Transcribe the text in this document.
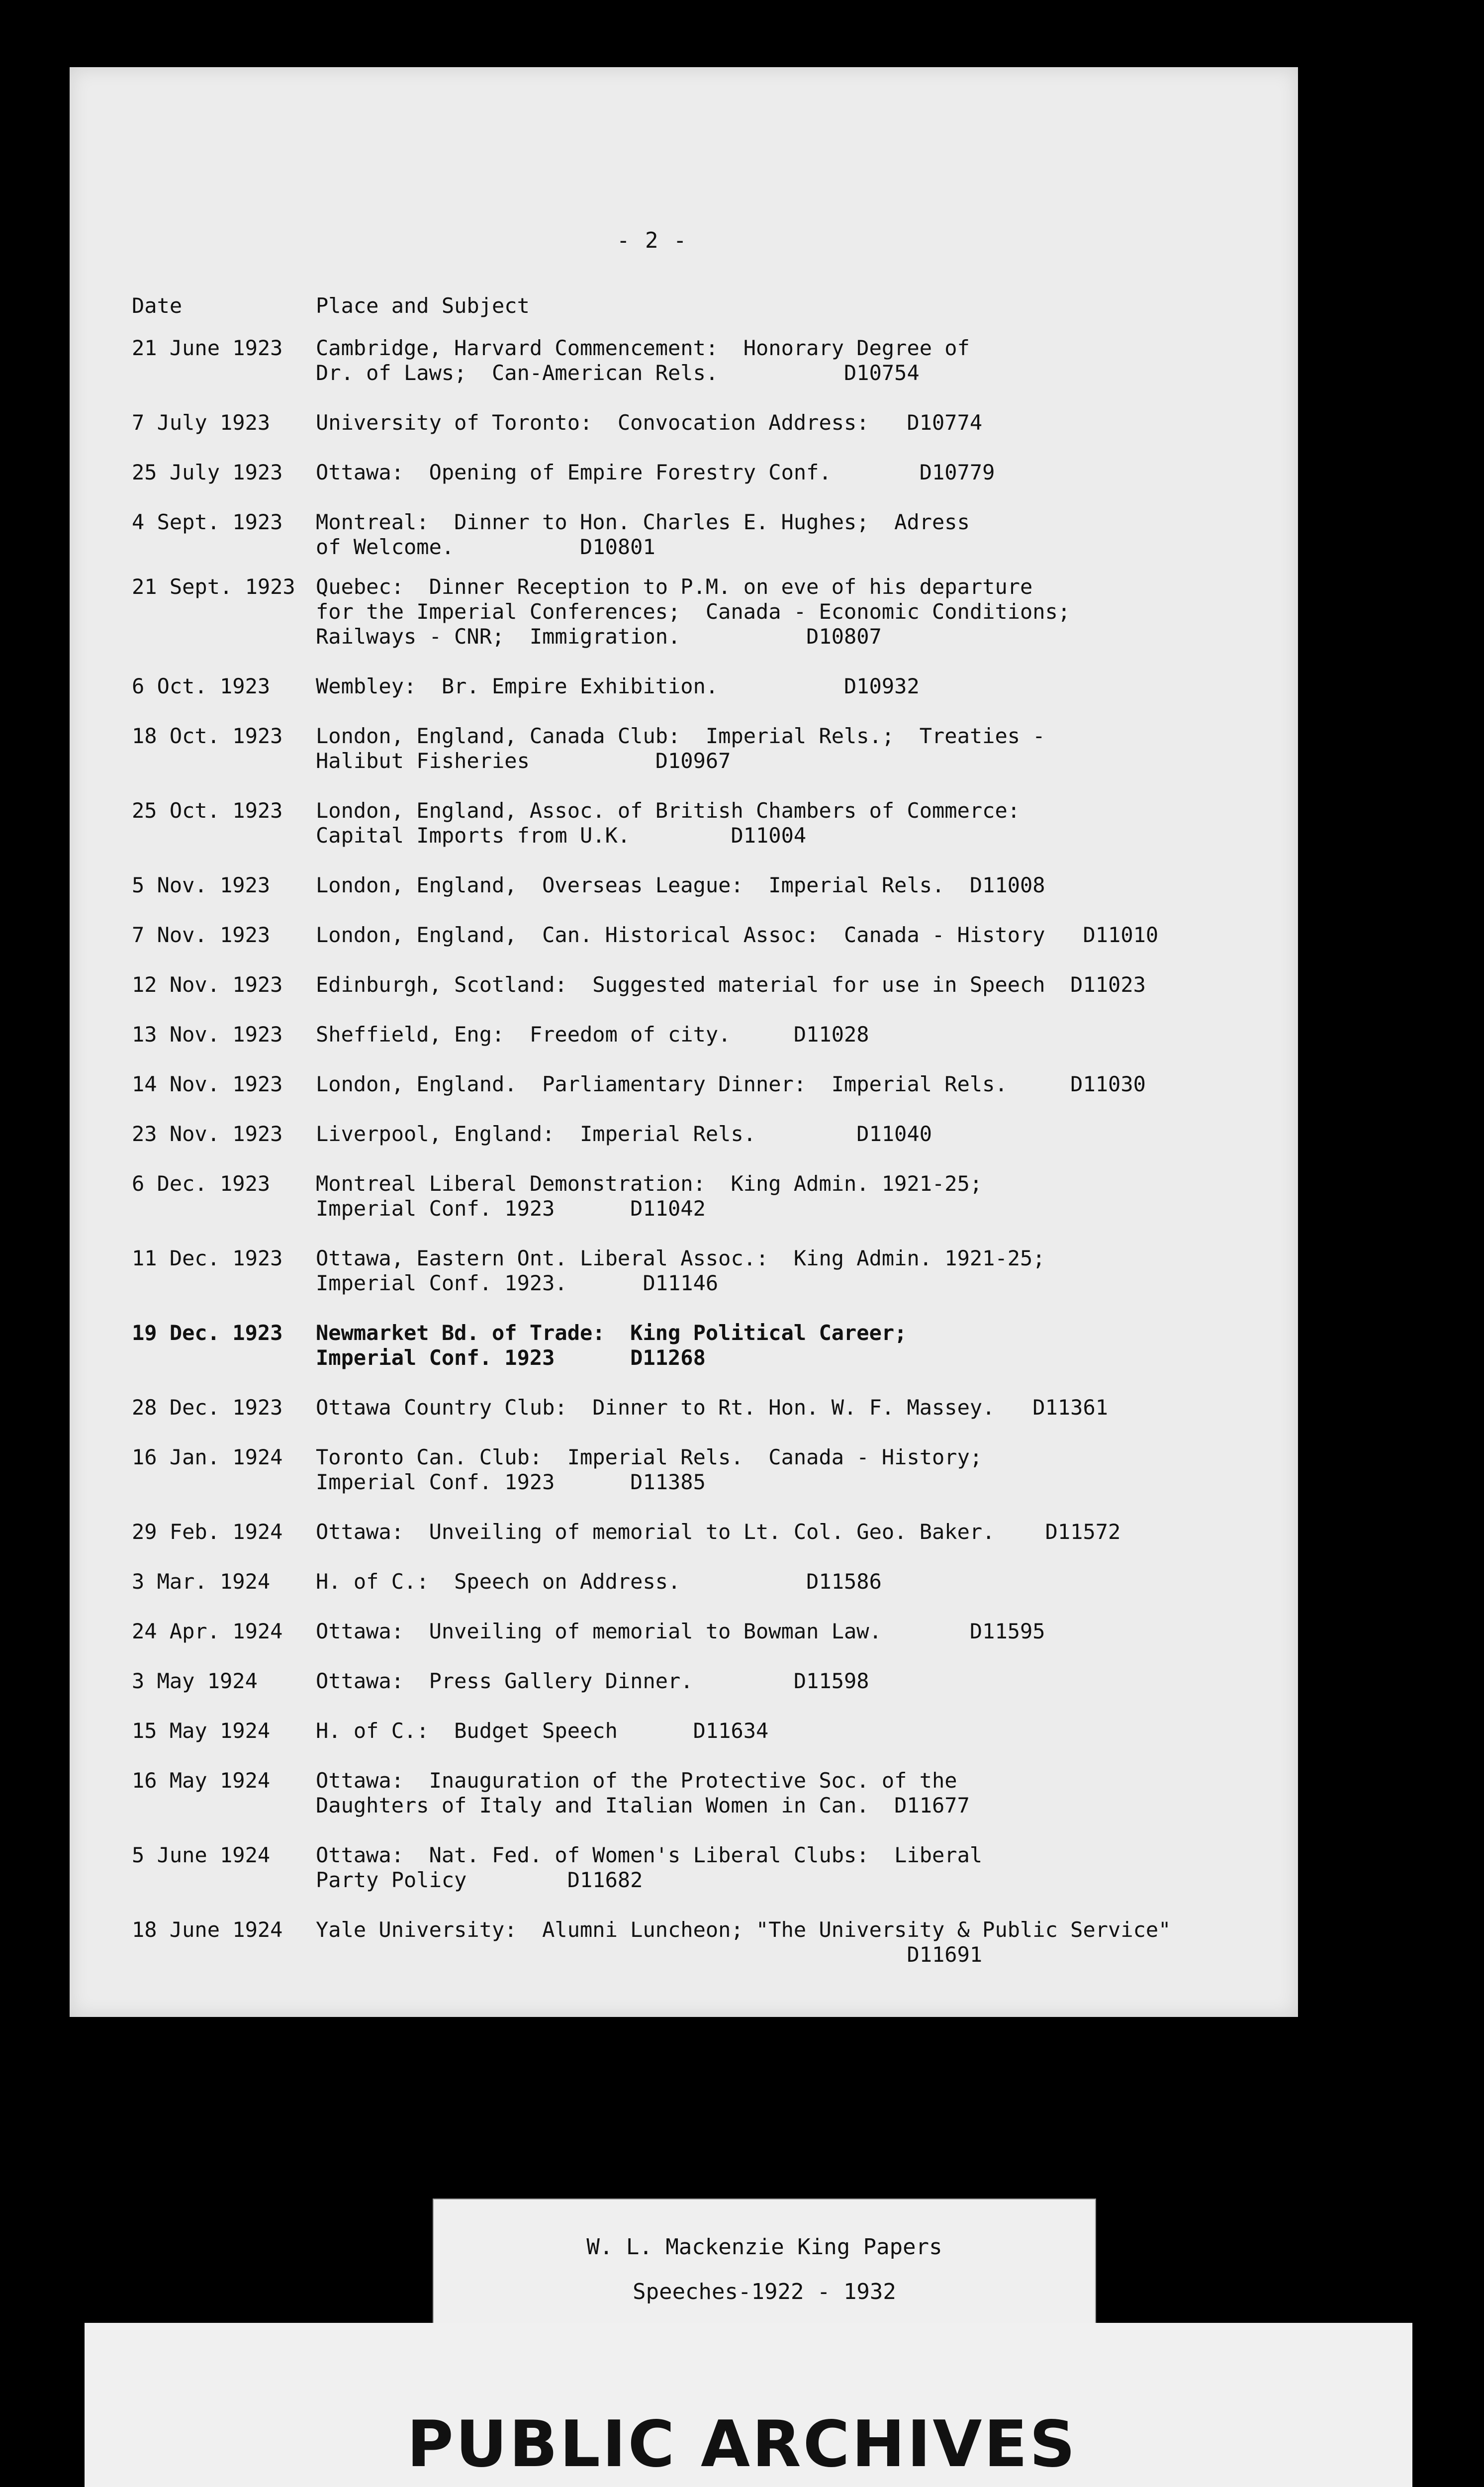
- 2 -
Date	Place and Subject
21 June 1923 Cambridge, Harvard Commencement:  Honorary Degree of
Dr. of Laws;  Can-American Rels.          D10754
7 July 1923 University of Toronto:  Convocation Address:   D10774
25 July 1923 Ottawa:  Opening of Empire Forestry Conf.       D10779
4 Sept. 1923 Montreal:  Dinner to Hon. Charles E. Hughes;  Adress
of Welcome.          D10801
21 Sept. 1923 Quebec:  Dinner Reception to P.M. on eve of his departure
for the Imperial Conferences;  Canada - Economic Conditions;
Railways - CNR;  Immigration.          D10807
6 Oct. 1923 Wembley:  Br. Empire Exhibition.          D10932
18 Oct. 1923 London, England, Canada Club:  Imperial Rels.;  Treaties -
Halibut Fisheries          D10967
25 Oct. 1923 London, England, Assoc. of British Chambers of Commerce:
Capital Imports from U.K.        D11004
5 Nov. 1923 London, England,  Overseas League:  Imperial Rels.  D11008
7 Nov. 1923 London, England,  Can. Historical Assoc:  Canada - History   D11010
12 Nov. 1923 Edinburgh, Scotland:  Suggested material for use in Speech  D11023
13 Nov. 1923 Sheffield, Eng:  Freedom of city.     D11028
14 Nov. 1923 London, England.  Parliamentary Dinner:  Imperial Rels.     D11030
23 Nov. 1923 Liverpool, England:  Imperial Rels.        D11040
6 Dec. 1923 Montreal Liberal Demonstration:  King Admin. 1921-25;
Imperial Conf. 1923      D11042
11 Dec. 1923 Ottawa, Eastern Ont. Liberal Assoc.:  King Admin. 1921-25;
Imperial Conf. 1923.      D11146
19 Dec. 1923 Newmarket Bd. of Trade:  King Political Career;
Imperial Conf. 1923      D11268
28 Dec. 1923 Ottawa Country Club:  Dinner to Rt. Hon. W. F. Massey.   D11361
16 Jan. 1924 Toronto Can. Club:  Imperial Rels.  Canada - History;
Imperial Conf. 1923      D11385
29 Feb. 1924 Ottawa:  Unveiling of memorial to Lt. Col. Geo. Baker.    D11572
3 Mar. 1924 H. of C.:  Speech on Address.          D11586
24 Apr. 1924 Ottawa:  Unveiling of memorial to Bowman Law.       D11595
3 May 1924	Ottawa:  Press Gallery Dinner.        D11598
15 May 1924 H. of C.:  Budget Speech      D11634
16 May 1924 Ottawa:  Inauguration of the Protective Soc. of the
Daughters of Italy and Italian Women in Can.  D11677
5 June 1924 Ottawa:  Nat. Fed. of Women's Liberal Clubs:  Liberal
Party Policy        D11682
18 June 1924 Yale University:  Alumni Luncheon; "The University & Public Service"
D11691
W. L. Mackenzie King Papers
Speeches-1922 - 1932
PUBLIC ARCHIVES
